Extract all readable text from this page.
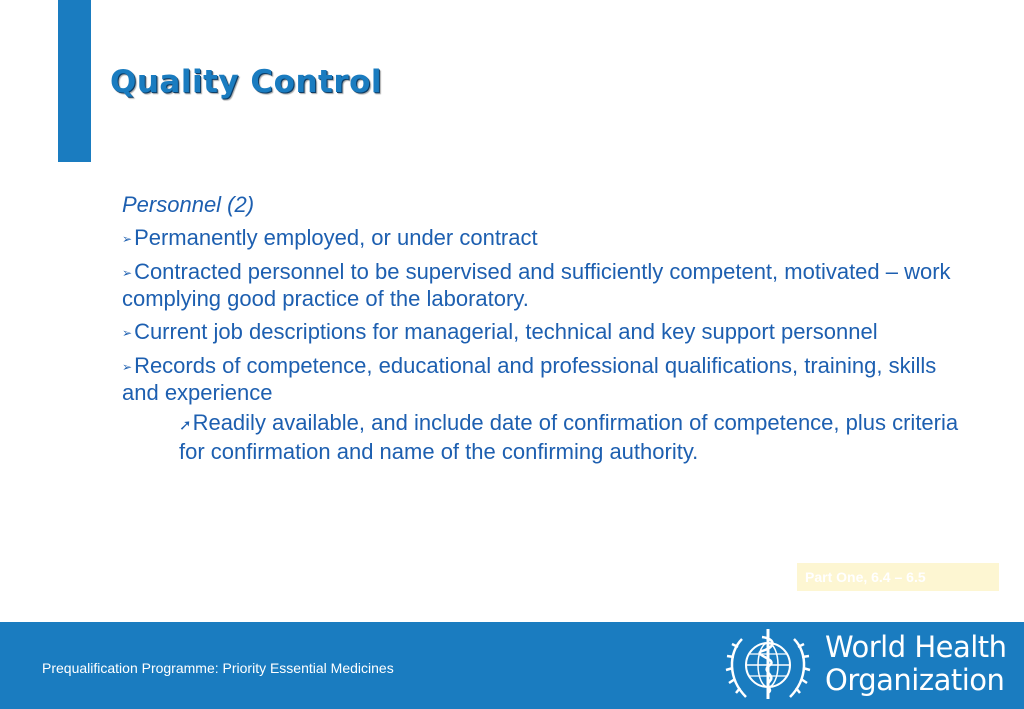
Quality Control
Personnel (2)
➢Permanently employed, or under contract
➢Contracted personnel to be supervised and sufficiently competent, motivated – work complying good practice of the laboratory.
➢Current job descriptions for managerial, technical and key support personnel
➢Records of competence, educational and professional qualifications, training, skills and experience
➚Readily available, and include date of confirmation of competence, plus criteria for confirmation and name of the confirming authority.
Part One, 6.4 – 6.5
Prequalification Programme: Priority Essential Medicines
World Health
Organization
